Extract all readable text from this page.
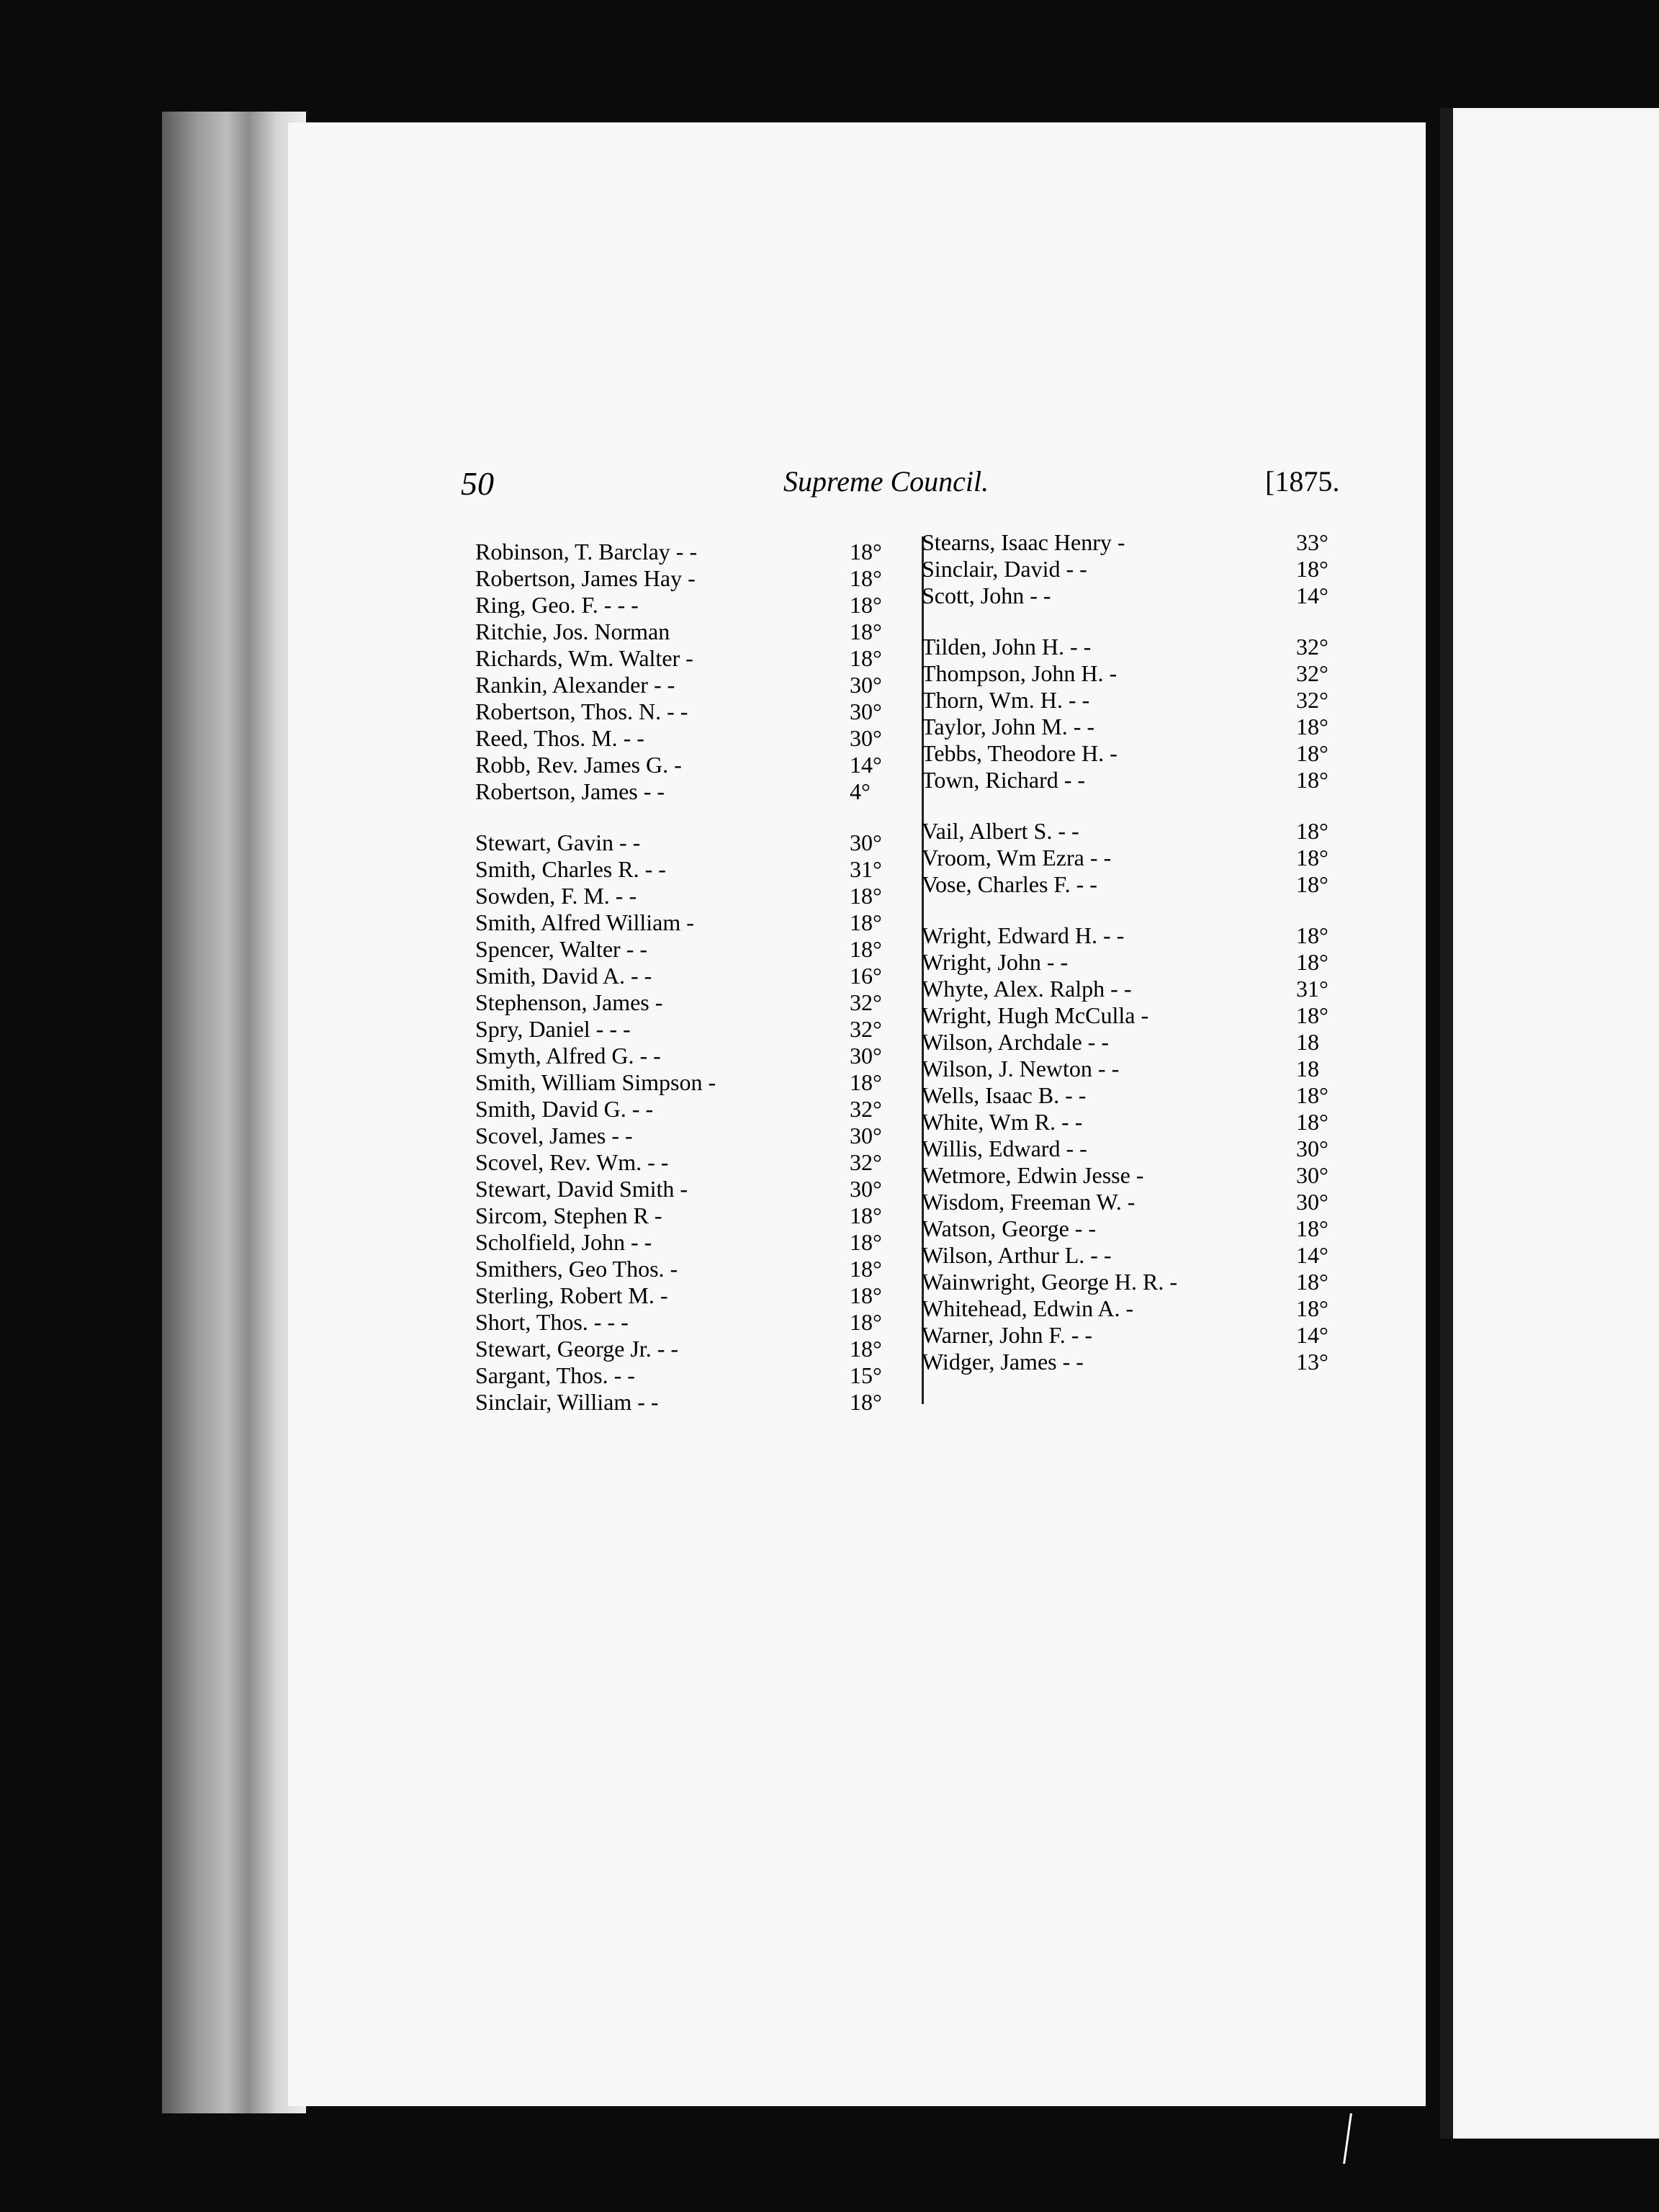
50	Supreme Council.	[1875.
Robinson, T. Barclay - -	18°
Robertson, James Hay -	18°
Ring, Geo. F. - - -	18°
Ritchie, Jos. Norman	18°
Richards, Wm. Walter -	18°
Rankin, Alexander - -	30°
Robertson, Thos. N. - -	30°
Reed, Thos. M. - -	30°
Robb, Rev. James G. -	14°
Robertson, James - -	4°
Stewart, Gavin - -	30°
Smith, Charles R. - -	31°
Sowden, F. M. - -	18°
Smith, Alfred William -	18°
Spencer, Walter - -	18°
Smith, David A. - -	16°
Stephenson, James -	32°
Spry, Daniel - - -	32°
Smyth, Alfred G. - -	30°
Smith, William Simpson -	18°
Smith, David G. - -	32°
Scovel, James - -	30°
Scovel, Rev. Wm. - -	32°
Stewart, David Smith -	30°
Sircom, Stephen R -	18°
Scholfield, John - -	18°
Smithers, Geo Thos. -	18°
Sterling, Robert M. -	18°
Short, Thos. - - -	18°
Stewart, George Jr. - -	18°
Sargant, Thos. - -	15°
Sinclair, William - -	18°
Stearns, Isaac Henry -	33°
Sinclair, David - -	18°
Scott, John - -	14°
Tilden, John H. - -	32°
Thompson, John H. -	32°
Thorn, Wm. H. - -	32°
Taylor, John M. - -	18°
Tebbs, Theodore H. -	18°
Town, Richard - -	18°
Vail, Albert S. - -	18°
Vroom, Wm Ezra - -	18°
Vose, Charles F. - -	18°
Wright, Edward H. - -	18°
Wright, John - -	18°
Whyte, Alex. Ralph - -	31°
Wright, Hugh McCulla -	18°
Wilson, Archdale - -	18
Wilson, J. Newton - -	18
Wells, Isaac B. - -	18°
White, Wm R. - -	18°
Willis, Edward - -	30°
Wetmore, Edwin Jesse -	30°
Wisdom, Freeman W. -	30°
Watson, George - -	18°
Wilson, Arthur L. - -	14°
Wainwright, George H. R. -	18°
Whitehead, Edwin A. -	18°
Warner, John F. - -	14°
Widger, James - -	13°
